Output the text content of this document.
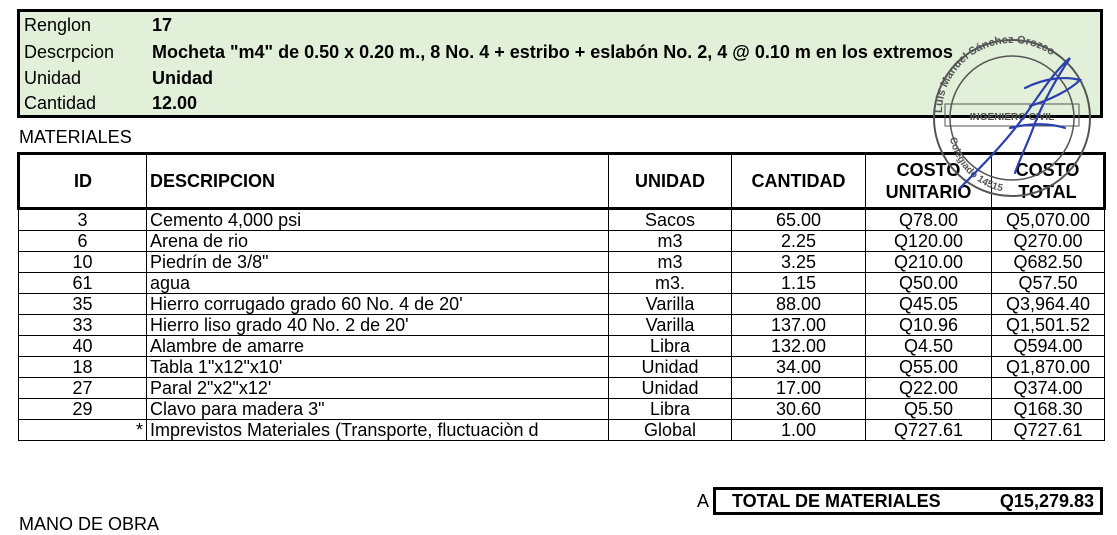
Renglon	17
Descrpcion	Mocheta "m4" de 0.50 x 0.20 m., 8 No. 4 + estribo + eslabón No. 2, 4 @ 0.10 m en los extremos
Unidad	Unidad
Cantidad	12.00
MATERIALES
ID	DESCRIPCION	UNIDAD	CANTIDAD	COSTO UNITARIO	COSTO TOTAL
3	Cemento 4,000 psi	Sacos	65.00	Q78.00	Q5,070.00
6	Arena de rio	m3	2.25	Q120.00	Q270.00
10	Piedrín de 3/8"	m3	3.25	Q210.00	Q682.50
61	agua	m3.	1.15	Q50.00	Q57.50
35	Hierro corrugado grado 60 No. 4 de 20'	Varilla	88.00	Q45.05	Q3,964.40
33	Hierro liso grado 40 No. 2 de 20'	Varilla	137.00	Q10.96	Q1,501.52
40	Alambre de amarre	Libra	132.00	Q4.50	Q594.00
18	Tabla 1"x12"x10'	Unidad	34.00	Q55.00	Q1,870.00
27	Paral 2"x2"x12'	Unidad	17.00	Q22.00	Q374.00
29	Clavo para madera 3"	Libra	30.60	Q5.50	Q168.30
*	Imprevistos Materiales (Transporte, fluctuaciòn d	Global	1.00	Q727.61	Q727.61
A TOTAL DE MATERIALES	Q15,279.83
MANO DE OBRA
Luis Manuel Sánchez Orozco
INGENIERO CIVIL
Colegiado 14515
